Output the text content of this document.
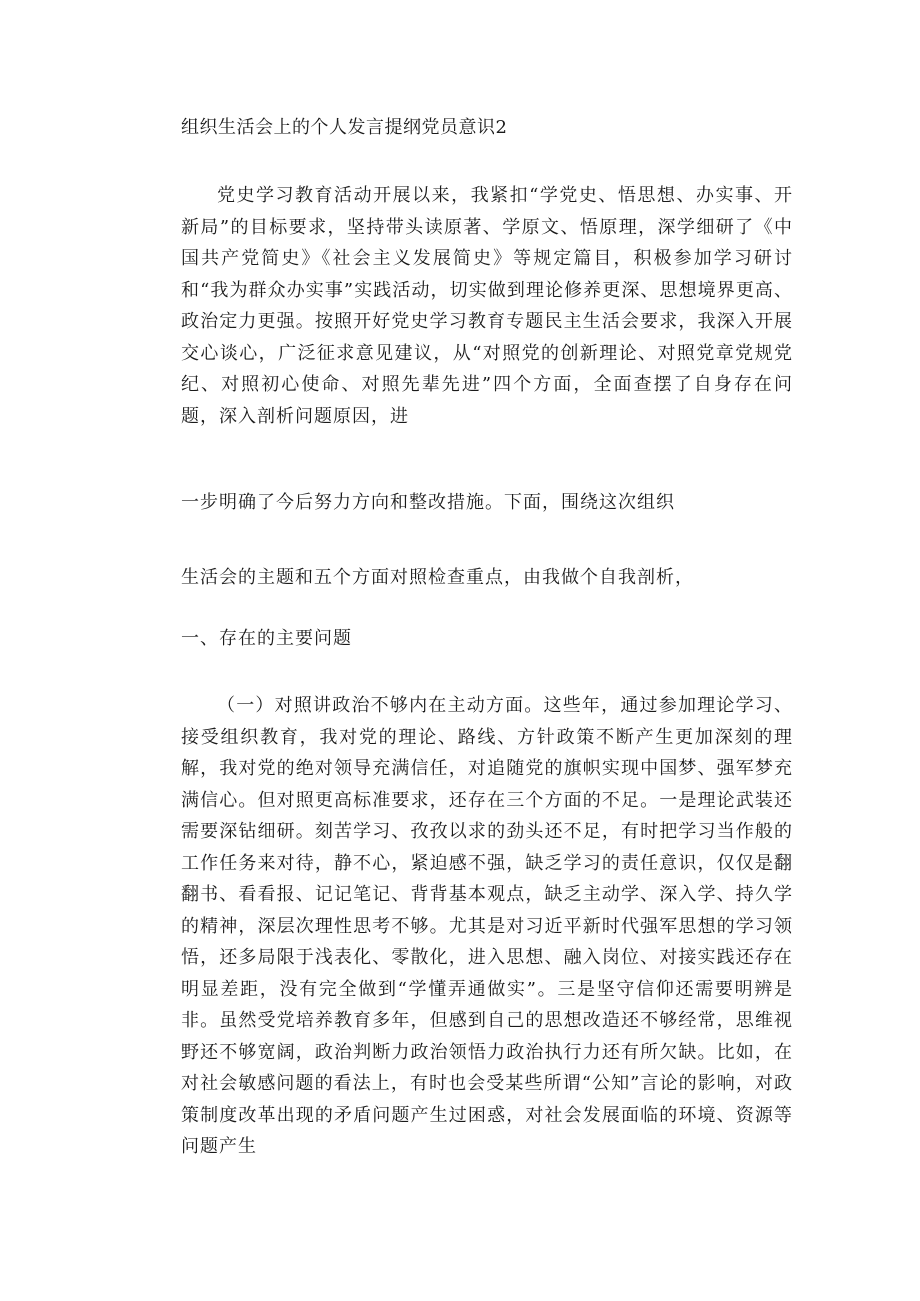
组织生活会上的个人发言提纲党员意识2

党史学习教育活动开展以来，我紧扣“学党史、悟思想、办实事、开新局”的目标要求，坚持带头读原著、学原文、悟原理，深学细研了《中国共产党简史》《社会主义发展简史》等规定篇目，积极参加学习研讨和“我为群众办实事”实践活动，切实做到理论修养更深、思想境界更高、政治定力更强。按照开好党史学习教育专题民主生活会要求，我深入开展交心谈心，广泛征求意见建议，从“对照党的创新理论、对照党章党规党纪、对照初心使命、对照先辈先进”四个方面，全面查摆了自身存在问题，深入剖析问题原因，进

一步明确了今后努力方向和整改措施。下面，围绕这次组织

生活会的主题和五个方面对照检查重点，由我做个自我剖析，

一、存在的主要问题

（一）对照讲政治不够内在主动方面。这些年，通过参加理论学习、接受组织教育，我对党的理论、路线、方针政策不断产生更加深刻的理解，我对党的绝对领导充满信任，对追随党的旗帜实现中国梦、强军梦充满信心。但对照更高标准要求，还存在三个方面的不足。一是理论武装还需要深钻细研。刻苦学习、孜孜以求的劲头还不足，有时把学习当作般的工作任务来对待，静不心，紧迫感不强，缺乏学习的责任意识，仅仅是翻翻书、看看报、记记笔记、背背基本观点，缺乏主动学、深入学、持久学的精神，深层次理性思考不够。尤其是对习近平新时代强军思想的学习领悟，还多局限于浅表化、零散化，进入思想、融入岗位、对接实践还存在明显差距，没有完全做到“学懂弄通做实”。三是坚守信仰还需要明辨是非。虽然受党培养教育多年，但感到自己的思想改造还不够经常，思维视野还不够宽阔，政治判断力政治领悟力政治执行力还有所欠缺。比如，在对社会敏感问题的看法上，有时也会受某些所谓“公知”言论的影响，对政策制度改革出现的矛盾问题产生过困惑，对社会发展面临的环境、资源等问题产生
